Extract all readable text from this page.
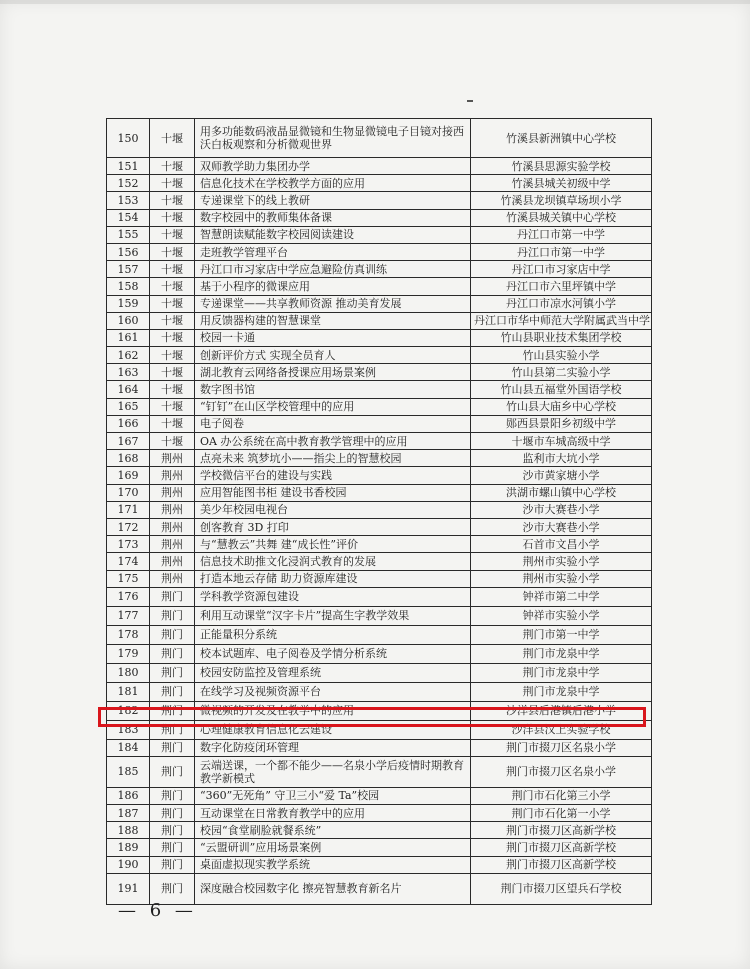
150	十堰	用多功能数码液晶显微镜和生物显微镜电子目镜对接西沃白板观察和分析微观世界	竹溪县新洲镇中心学校
151	十堰	双师教学助力集团办学	竹溪县思源实验学校
152	十堰	信息化技术在学校教学方面的应用	竹溪县城关初级中学
153	十堰	专递课堂下的线上教研	竹溪县龙坝镇草场坝小学
154	十堰	数字校园中的教师集体备课	竹溪县城关镇中心学校
155	十堰	智慧朗读赋能数字校园阅读建设	丹江口市第一中学
156	十堰	走班教学管理平台	丹江口市第一中学
157	十堰	丹江口市习家店中学应急避险仿真训练	丹江口市习家店中学
158	十堰	基于小程序的微课应用	丹江口市六里坪镇中学
159	十堰	专递课堂——共享教师资源 推动美育发展	丹江口市凉水河镇小学
160	十堰	用反馈器构建的智慧课堂	丹江口市华中师范大学附属武当中学
161	十堰	校园一卡通	竹山县职业技术集团学校
162	十堰	创新评价方式 实现全员育人	竹山县实验小学
163	十堰	湖北教育云网络备授课应用场景案例	竹山县第二实验小学
164	十堰	数字图书馆	竹山县五福堂外国语学校
165	十堰	“钉钉”在山区学校管理中的应用	竹山县大庙乡中心学校
166	十堰	电子阅卷	郧西县景阳乡初级中学
167	十堰	OA 办公系统在高中教育教学管理中的应用	十堰市车城高级中学
168	荆州	点亮未来 筑梦坑小——指尖上的智慧校园	监利市大坑小学
169	荆州	学校微信平台的建设与实践	沙市黄家塘小学
170	荆州	应用智能图书柜 建设书香校园	洪湖市螺山镇中心学校
171	荆州	美少年校园电视台	沙市大赛巷小学
172	荆州	创客教育 3D 打印	沙市大赛巷小学
173	荆州	与“慧教云”共舞 建“成长性”评价	石首市文昌小学
174	荆州	信息技术助推文化浸润式教育的发展	荆州市实验小学
175	荆州	打造本地云存储 助力资源库建设	荆州市实验小学
176	荆门	学科教学资源包建设	钟祥市第二中学
177	荆门	利用互动课堂“汉字卡片”提高生字教学效果	钟祥市实验小学
178	荆门	正能量积分系统	荆门市第一中学
179	荆门	校本试题库、电子阅卷及学情分析系统	荆门市龙泉中学
180	荆门	校园安防监控及管理系统	荆门市龙泉中学
181	荆门	在线学习及视频资源平台	荆门市龙泉中学
182	荆门	微视频的开发及在教学中的应用	沙洋县后港镇后港小学
183	荆门	心理健康教育信息化云建设	沙洋县汉上实验学校
184	荆门	数字化防疫闭环管理	荆门市掇刀区名泉小学
185	荆门	云端送课，一个都不能少——名泉小学后疫情时期教育教学新模式	荆门市掇刀区名泉小学
186	荆门	“360”无死角” 守卫三小“爱 Ta”校园	荆门市石化第三小学
187	荆门	互动课堂在日常教育教学中的应用	荆门市石化第一小学
188	荆门	校园“食堂刷脸就餐系统”	荆门市掇刀区高新学校
189	荆门	“云盟研训”应用场景案例	荆门市掇刀区高新学校
190	荆门	桌面虚拟现实教学系统	荆门市掇刀区高新学校
191	荆门	深度融合校园数字化 擦亮智慧教育新名片	荆门市掇刀区望兵石学校
— 6 —
